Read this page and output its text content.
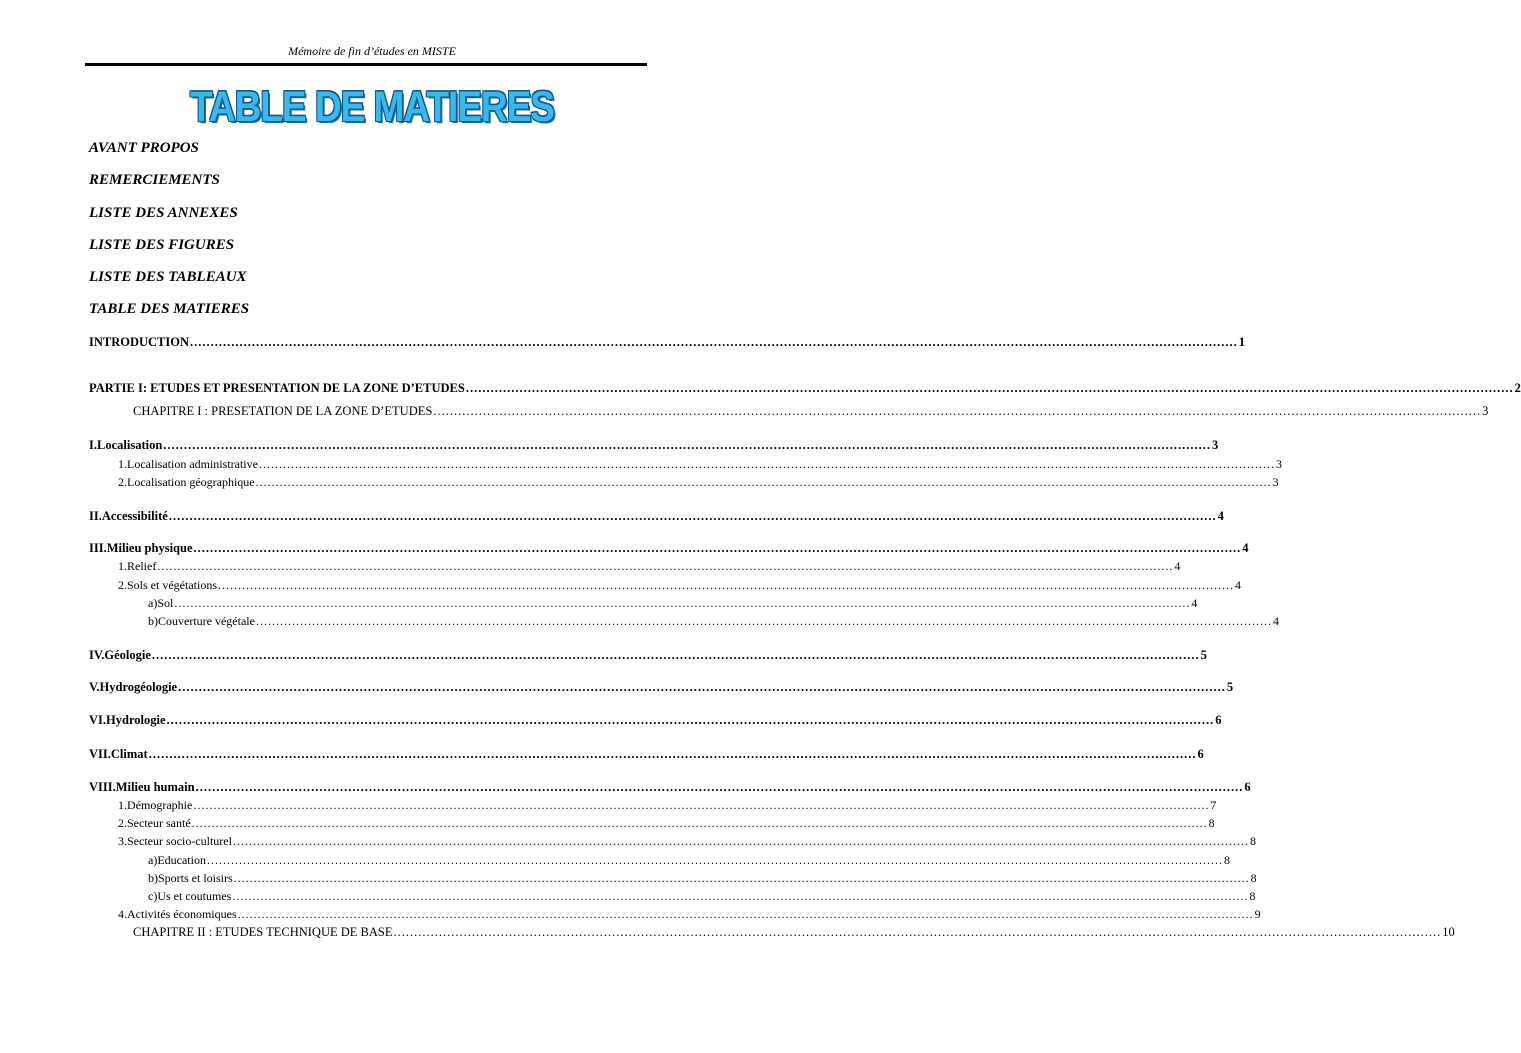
Mémoire de fin d’études en MISTE
TABLE DE MATIERES
AVANT PROPOS
REMERCIEMENTS
LISTE DES ANNEXES
LISTE DES FIGURES
LISTE DES TABLEAUX
TABLE DES MATIERES
INTRODUCTION .............................................................................................................................................................................................................................................................. 1
PARTIE I : ETUDES ET PRESENTATION DE LA ZONE D’ETUDES .............................................................................................................................................................................................................................................................. 2
CHAPITRE I : PRESETATION DE LA ZONE D’ETUDES .............................................................................................................................................................................................................................................................. 3
I. Localisation .............................................................................................................................................................................................................................................................. 3
1. Localisation administrative .............................................................................................................................................................................................................................................................. 3
2. Localisation géographique .............................................................................................................................................................................................................................................................. 3
II. Accessibilité .............................................................................................................................................................................................................................................................. 4
III. Milieu physique .............................................................................................................................................................................................................................................................. 4
1. Relief .............................................................................................................................................................................................................................................................. 4
2. Sols et végétations .............................................................................................................................................................................................................................................................. 4
a) Sol .............................................................................................................................................................................................................................................................. 4
b) Couverture végétale .............................................................................................................................................................................................................................................................. 4
IV. Géologie .............................................................................................................................................................................................................................................................. 5
V. Hydrogéologie .............................................................................................................................................................................................................................................................. 5
VI. Hydrologie .............................................................................................................................................................................................................................................................. 6
VII. Climat .............................................................................................................................................................................................................................................................. 6
VIII. Milieu humain .............................................................................................................................................................................................................................................................. 6
1. Démographie .............................................................................................................................................................................................................................................................. 7
2. Secteur santé .............................................................................................................................................................................................................................................................. 8
3. Secteur socio-culturel .............................................................................................................................................................................................................................................................. 8
a) Education .............................................................................................................................................................................................................................................................. 8
b) Sports et loisirs .............................................................................................................................................................................................................................................................. 8
c) Us et coutumes .............................................................................................................................................................................................................................................................. 8
4. Activités économiques .............................................................................................................................................................................................................................................................. 9
CHAPITRE II : ETUDES TECHNIQUE DE BASE .............................................................................................................................................................................................................................................................. 10
